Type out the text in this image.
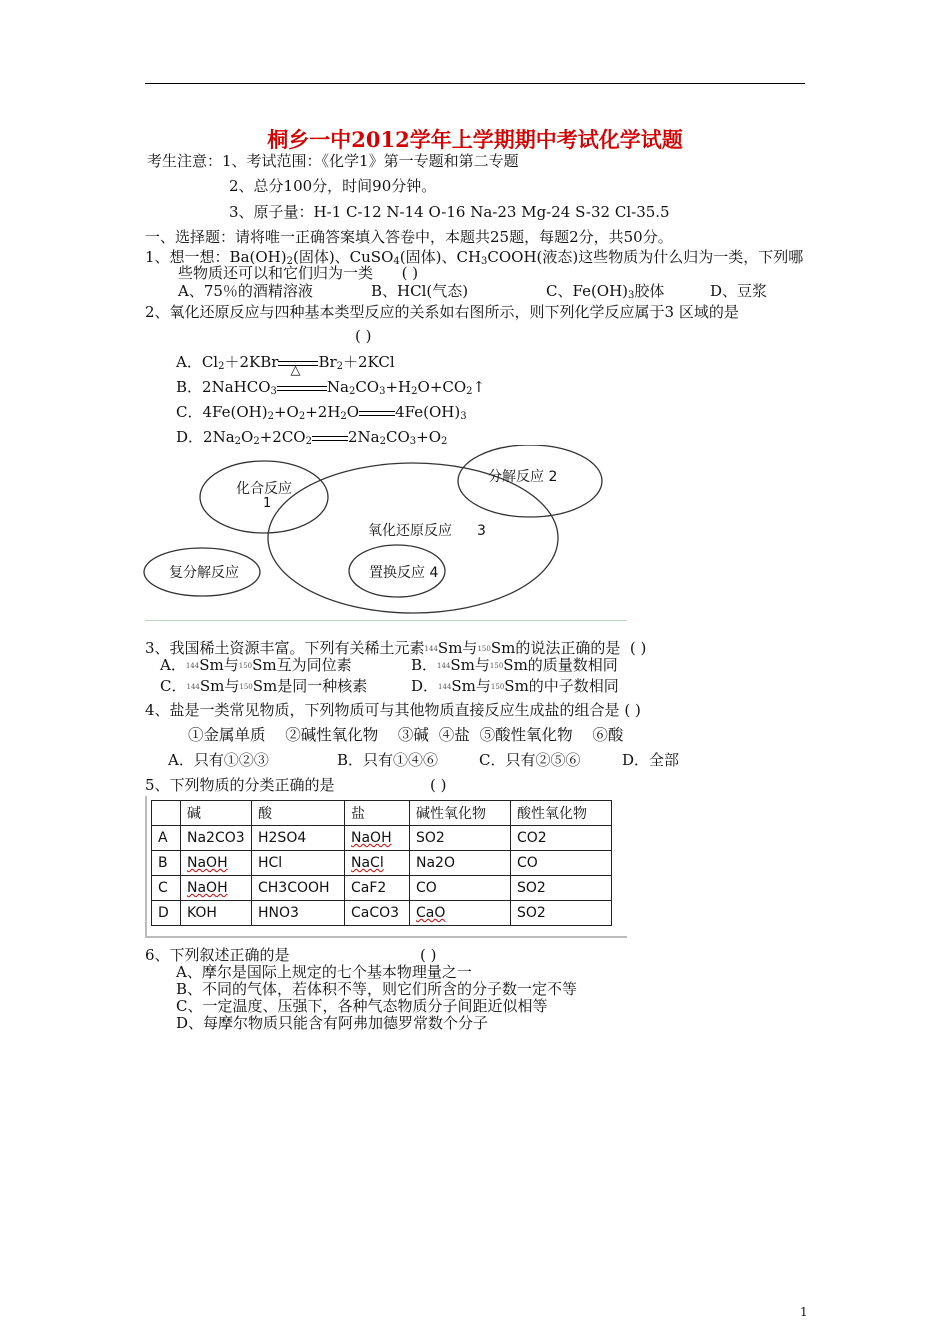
桐乡一中2012学年上学期期中考试化学试题
考生注意：1、考试范围：《化学1》第一专题和第二专题
2、总分100分，时间90分钟。
3、原子量：H-1 C-12 N-14 O-16 Na-23 Mg-24 S-32 Cl-35.5
一、选择题：请将唯一正确答案填入答卷中，本题共25题，每题2分，共50分。
1、想一想：$Ba(OH)_2$(固体)、CuSO$_4$(固体)、$CH_3COOH$(液态)这些物质为什么归为一类，下列哪
些物质还可以和它们归为一类 ( )
A、75％的酒精溶液	B、HCl(气态)	C、$Fe(OH)_3$胶体	D、豆浆
2、氧化还原反应与四种基本类型反应的关系如右图所示，则下列化学反应属于3 区域的是
( )
A．$Cl_2+2KBr$ △ $Br_2+2KCl$
B．2NaHCO$_3$	$Na_2CO_3+H_2O+CO_2↑$
C．$4Fe(OH)_2+O_2+2H_2O$ $4Fe(OH)_3$
D．$2Na_2O_2+2CO_2$ $2Na_2CO_3+O_2$
化合反应
1
分解反应 2
氧化还原反应 3
复分解反应	置换反应 4
3、我国稀土资源丰富。下列有关稀土元素144Sm与150Sm的说法正确的是 ( )
A．144Sm与150Sm互为同位素	B．144Sm与150Sm的质量数相同
C．144Sm与150Sm是同一种核素	D．144Sm与150Sm的中子数相同
4、盐是一类常见物质，下列物质可与其他物质直接反应生成盐的组合是 ( )
①金属单质    ②碱性氧化物    ③碱  ④盐  ⑤酸性氧化物    ⑥酸
A．只有①②③	B．只有①④⑥	C．只有②⑤⑥	D．全部
5、下列物质的分类正确的是	( )
	碱	酸	盐	碱性氧化物	酸性氧化物
A	Na2CO3	H2SO4	NaOH	SO2	CO2
B	NaOH	HCl	NaCl	Na2O	CO
C	NaOH	CH3COOH	CaF2	CO	SO2
D	KOH	HNO3	CaCO3	CaO	SO2
6、下列叙述正确的是	( )
A、摩尔是国际上规定的七个基本物理量之一
B、不同的气体，若体积不等，则它们所含的分子数一定不等
C、一定温度、压强下，各种气态物质分子间距近似相等
D、每摩尔物质只能含有阿弗加德罗常数个分子
1
